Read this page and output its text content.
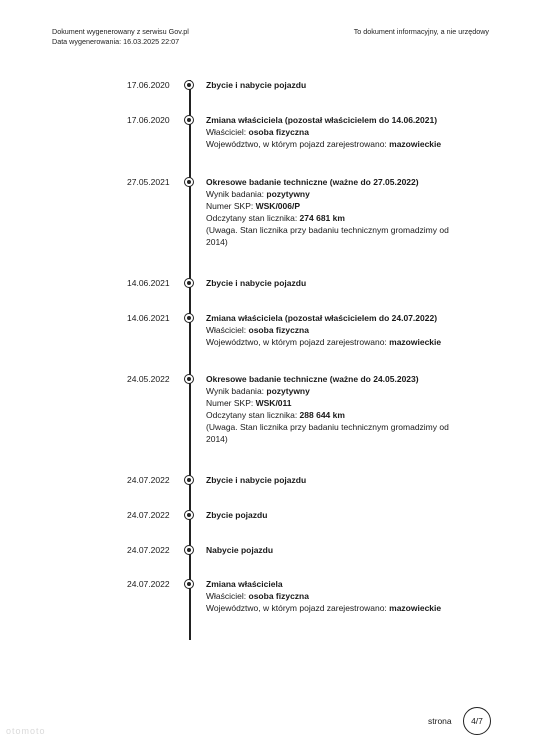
Dokument wygenerowany z serwisu Gov.pl
Data wygenerowania: 16.03.2025 22:07
To dokument informacyjny, a nie urzędowy
17.06.2020	Zbycie i nabycie pojazdu
17.06.2020	Zmiana właściciela (pozostał właścicielem do 14.06.2021)
Właściciel: osoba fizyczna
Województwo, w którym pojazd zarejestrowano: mazowieckie
27.05.2021	Okresowe badanie techniczne (ważne do 27.05.2022)
Wynik badania: pozytywny
Numer SKP: WSK/006/P
Odczytany stan licznika: 274 681 km
(Uwaga. Stan licznika przy badaniu technicznym gromadzimy od
2014)
14.06.2021	Zbycie i nabycie pojazdu
14.06.2021	Zmiana właściciela (pozostał właścicielem do 24.07.2022)
Właściciel: osoba fizyczna
Województwo, w którym pojazd zarejestrowano: mazowieckie
24.05.2022	Okresowe badanie techniczne (ważne do 24.05.2023)
Wynik badania: pozytywny
Numer SKP: WSK/011
Odczytany stan licznika: 288 644 km
(Uwaga. Stan licznika przy badaniu technicznym gromadzimy od
2014)
24.07.2022	Zbycie i nabycie pojazdu
24.07.2022	Zbycie pojazdu
24.07.2022	Nabycie pojazdu
24.07.2022	Zmiana właściciela
Właściciel: osoba fizyczna
Województwo, w którym pojazd zarejestrowano: mazowieckie
strona	4/7
otomoto
